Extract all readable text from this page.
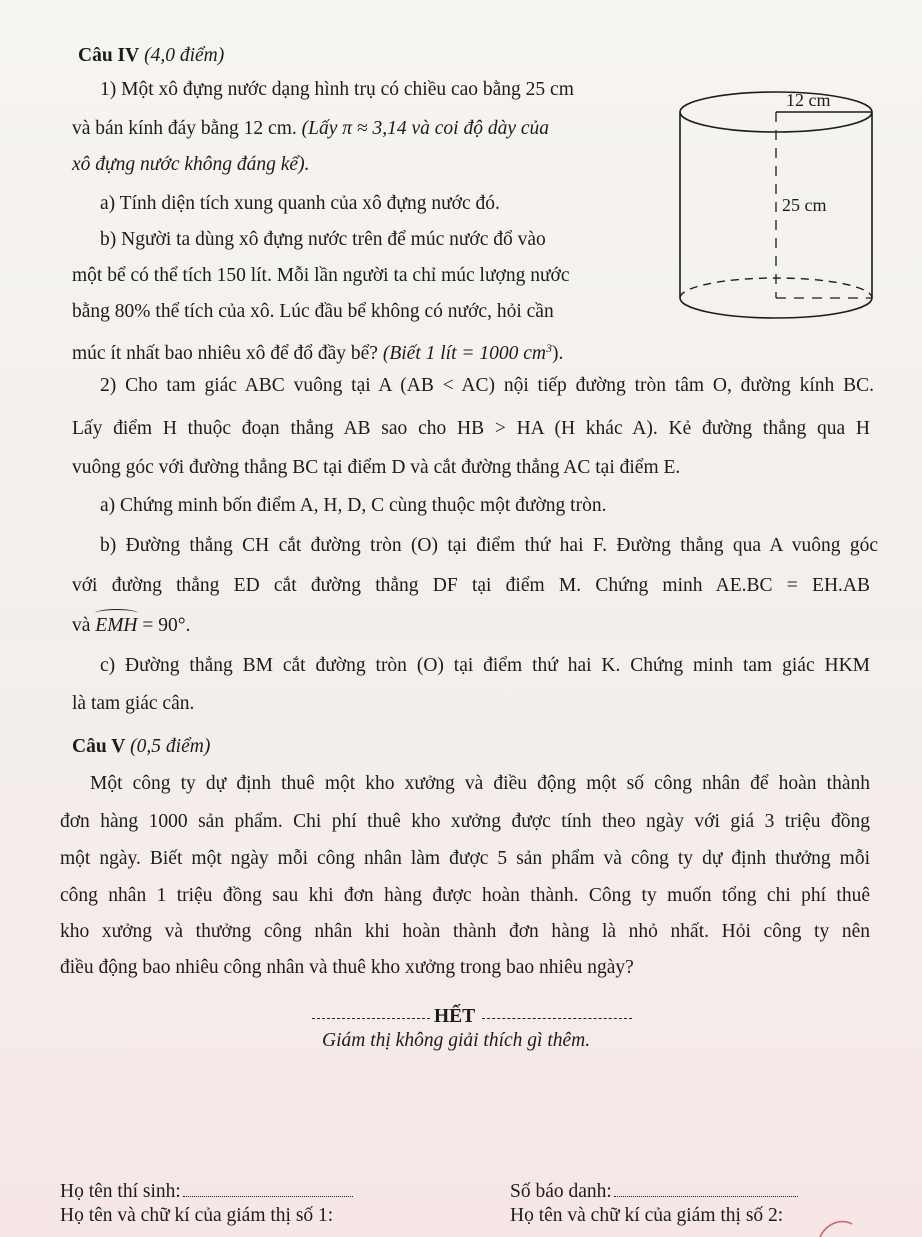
Câu IV (4,0 điểm)
1) Một xô đựng nước dạng hình trụ có chiều cao bằng 25 cm
và bán kính đáy bằng 12 cm. (Lấy π ≈ 3,14 và coi độ dày của
xô đựng nước không đáng kể).
a) Tính diện tích xung quanh của xô đựng nước đó.
b) Người ta dùng xô đựng nước trên để múc nước đổ vào
một bể có thể tích 150 lít. Mỗi lần người ta chỉ múc lượng nước
bằng 80% thể tích của xô. Lúc đầu bể không có nước, hỏi cần
múc ít nhất bao nhiêu xô để đổ đầy bể? (Biết 1 lít = 1000 $cm^3$).
12 cm
25 cm
2) Cho tam giác ABC vuông tại A (AB < AC) nội tiếp đường tròn tâm O, đường kính BC.
Lấy điểm H thuộc đoạn thẳng AB sao cho HB > HA (H khác A). Kẻ đường thẳng qua H
vuông góc với đường thẳng BC tại điểm D và cắt đường thẳng AC tại điểm E.
a) Chứng minh bốn điểm A, H, D, C cùng thuộc một đường tròn.
b) Đường thẳng CH cắt đường tròn (O) tại điểm thứ hai F. Đường thẳng qua A vuông góc
với đường thẳng ED cắt đường thẳng DF tại điểm M. Chứng minh AE.BC = EH.AB
và EMH = 90°.
c) Đường thẳng BM cắt đường tròn (O) tại điểm thứ hai K. Chứng minh tam giác HKM
là tam giác cân.
Câu V (0,5 điểm)
Một công ty dự định thuê một kho xưởng và điều động một số công nhân để hoàn thành
đơn hàng 1000 sản phẩm. Chi phí thuê kho xưởng được tính theo ngày với giá 3 triệu đồng
một ngày. Biết một ngày mỗi công nhân làm được 5 sản phẩm và công ty dự định thưởng mỗi
công nhân 1 triệu đồng sau khi đơn hàng được hoàn thành. Công ty muốn tổng chi phí thuê
kho xưởng và thưởng công nhân khi hoàn thành đơn hàng là nhỏ nhất. Hỏi công ty nên
điều động bao nhiêu công nhân và thuê kho xưởng trong bao nhiêu ngày?
HẾT
Giám thị không giải thích gì thêm.
Họ tên thí sinh:	Số báo danh:
Họ tên và chữ kí của giám thị số 1:	Họ tên và chữ kí của giám thị số 2:
